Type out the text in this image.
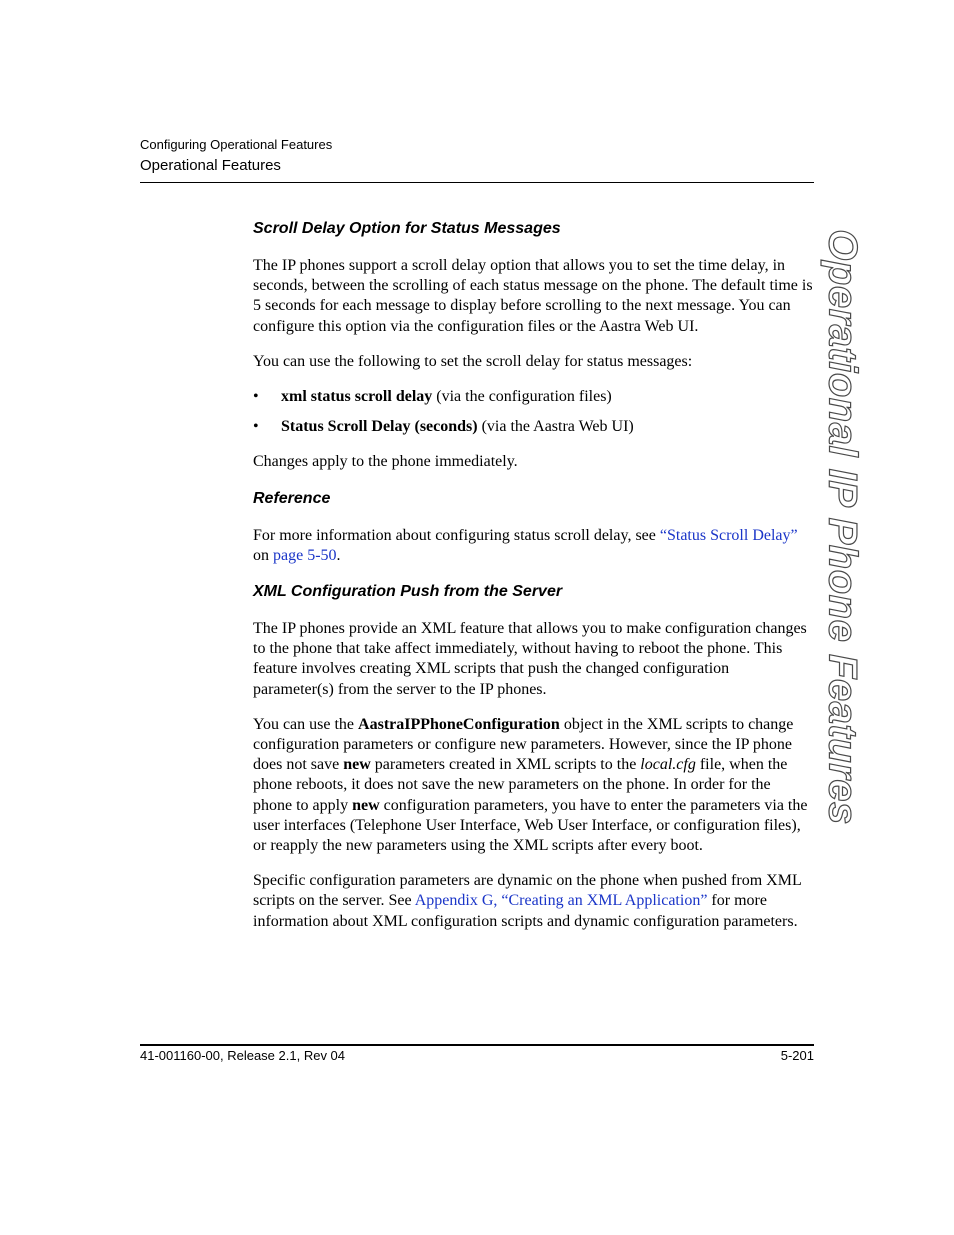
Configuring Operational Features
Operational Features
Operational IP Phone Features
Scroll Delay Option for Status Messages

The IP phones support a scroll delay option that allows you to set the time delay, in seconds, between the scrolling of each status message on the phone. The default time is 5 seconds for each message to display before scrolling to the next message. You can configure this option via the configuration files or the Aastra Web UI.

You can use the following to set the scroll delay for status messages:

• xml status scroll delay (via the configuration files)
• Status Scroll Delay (seconds) (via the Aastra Web UI)

Changes apply to the phone immediately.

Reference

For more information about configuring status scroll delay, see “Status Scroll Delay” on page 5-50.

XML Configuration Push from the Server

The IP phones provide an XML feature that allows you to make configuration changes to the phone that take affect immediately, without having to reboot the phone. This feature involves creating XML scripts that push the changed configuration parameter(s) from the server to the IP phones.

You can use the AastraIPPhoneConfiguration object in the XML scripts to change configuration parameters or configure new parameters. However, since the IP phone does not save new parameters created in XML scripts to the local.cfg file, when the phone reboots, it does not save the new parameters on the phone. In order for the phone to apply new configuration parameters, you have to enter the parameters via the user interfaces (Telephone User Interface, Web User Interface, or configuration files), or reapply the new parameters using the XML scripts after every boot.

Specific configuration parameters are dynamic on the phone when pushed from XML scripts on the server. See Appendix G, “Creating an XML Application” for more information about XML configuration scripts and dynamic configuration parameters.

41-001160-00, Release 2.1, Rev 04	5-201
